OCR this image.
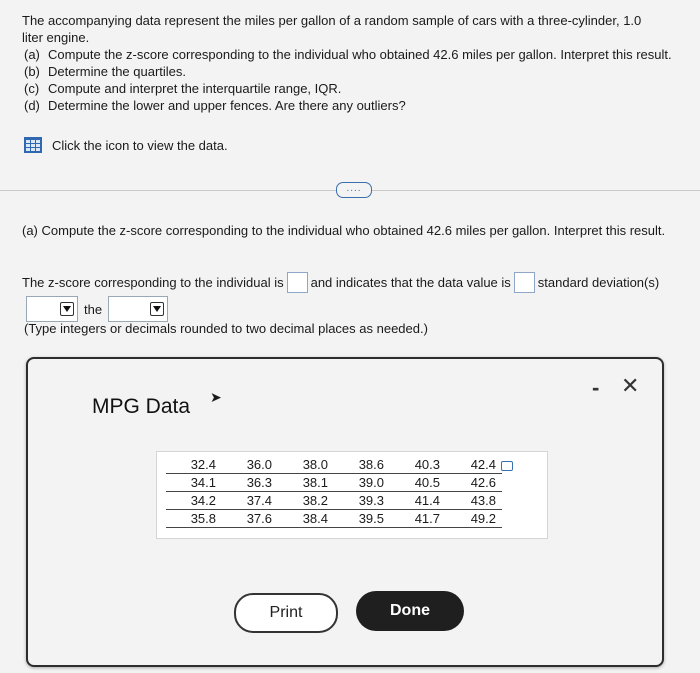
The accompanying data represent the miles per gallon of a random sample of cars with a three-cylinder, 1.0

liter engine.

(a) Compute the z-score corresponding to the individual who obtained 42.6 miles per gallon. Interpret this result.
(b) Determine the quartiles.
(c) Compute and interpret the interquartile range, IQR.
(d) Determine the lower and upper fences. Are there any outliers?
Click the icon to view the data.
....
(a) Compute the z-score corresponding to the individual who obtained 42.6 miles per gallon. Interpret this result.
The z-score corresponding to the individual is and indicates that the data value is standard deviation(s)
the
(Type integers or decimals rounded to two decimal places as needed.)
MPG Data ➤	- ✕
32.4	36.0	38.0	38.6	40.3	42.4
34.1	36.3	38.1	39.0	40.5	42.6
34.2	37.4	38.2	39.3	41.4	43.8
35.8	37.6	38.4	39.5	41.7	49.2
Print	Done
